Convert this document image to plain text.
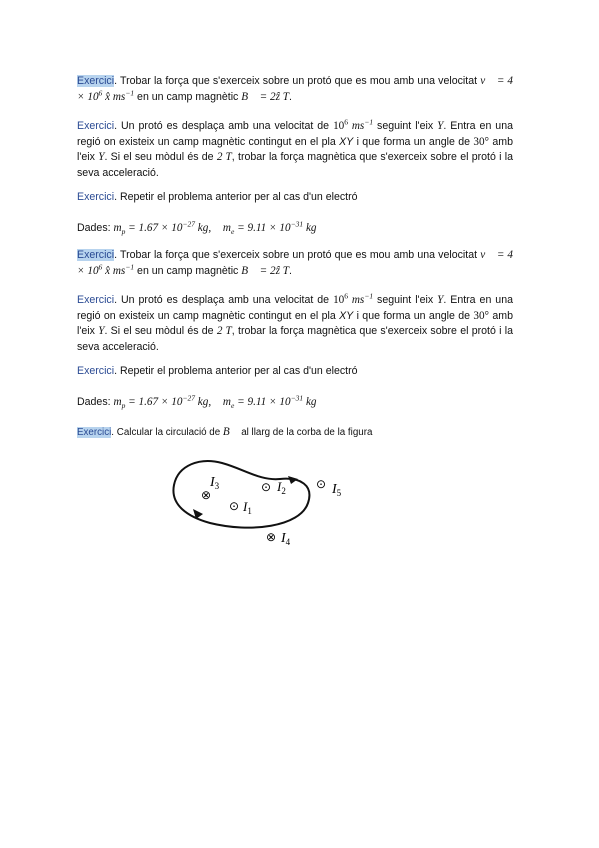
Exercici. Trobar la força que s'exerceix sobre un protó que es mou amb una velocitat v⃗ = $4 \times 10^6$ x̂ $ms^{-1}$ en un camp magnètic B⃗ = 2ẑ T.
Exercici. Un protó es desplaça amb una velocitat de $10^6$ $ms^{-1}$ seguint l'eix Y. Entra en una regió on existeix un camp magnètic contingut en el pla XY i que forma un angle de 30° amb l'eix Y. Si el seu mòdul és de 2 T, trobar la força magnètica que s'exerceix sobre el protó i la seva acceleració.
Exercici. Repetir el problema anterior per al cas d'un electró
Dades: $m_p = 1.67 \times 10^{-27}$ kg, $m_e = 9.11 \times 10^{-31}$ kg
Exercici. Trobar la força que s'exerceix sobre un protó que es mou amb una velocitat v⃗ = $4 \times 10^6$ x̂ $ms^{-1}$ en un camp magnètic B⃗ = 2ẑ T.
Exercici. Un protó es desplaça amb una velocitat de $10^6$ $ms^{-1}$ seguint l'eix Y. Entra en una regió on existeix un camp magnètic contingut en el pla XY i que forma un angle de 30° amb l'eix Y. Si el seu mòdul és de 2 T, trobar la força magnètica que s'exerceix sobre el protó i la seva acceleració.
Exercici. Repetir el problema anterior per al cas d'un electró
Dades: $m_p = 1.67 \times 10^{-27}$ kg, $m_e = 9.11 \times 10^{-31}$ kg
Exercici. Calcular la circulació de B⃗ al llarg de la corba de la figura
$I_3$
⊗
⊙ $I_1$
⊙ $I_2$	⊙ $I_5$
⊗ $I_4$
